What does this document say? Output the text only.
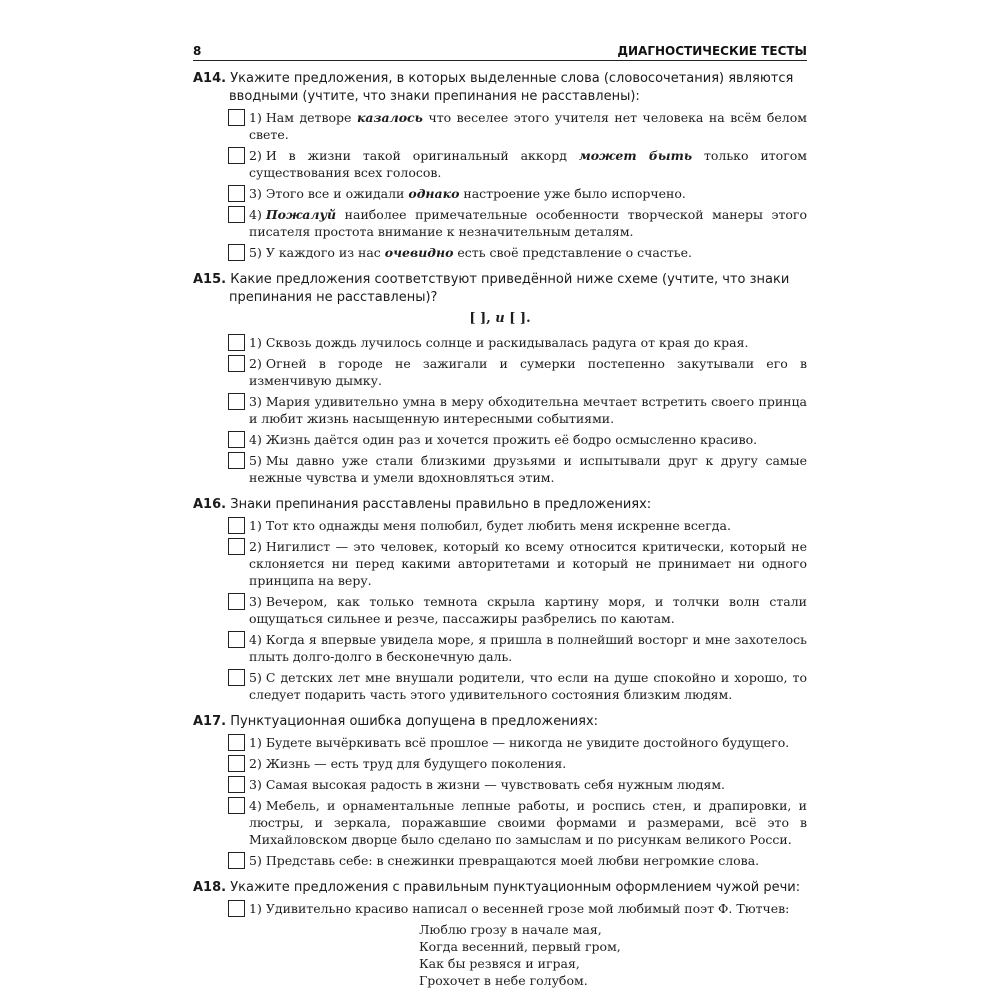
8	ДИАГНОСТИЧЕСКИЕ ТЕСТЫ
А14. Укажите предложения, в которых выделенные слова (словосочетания) являются вводными (учтите, что знаки препинания не расставлены):
1) Нам детворе казалось что веселее этого учителя нет человека на всём белом свете.
2) И в жизни такой оригинальный аккорд может быть только итогом существования всех голосов.
3) Этого все и ожидали однако настроение уже было испорчено.
4) Пожалуй наиболее примечательные особенности творческой манеры этого писателя простота внимание к незначительным деталям.
5) У каждого из нас очевидно есть своё представление о счастье.
А15. Какие предложения соответствуют приведённой ниже схеме (учтите, что знаки препинания не расставлены)?
[ ], и [ ].
1) Сквозь дождь лучилось солнце и раскидывалась радуга от края до края.
2) Огней в городе не зажигали и сумерки постепенно закутывали его в изменчивую дымку.
3) Мария удивительно умна в меру обходительна мечтает встретить своего принца и любит жизнь насыщенную интересными событиями.
4) Жизнь даётся один раз и хочется прожить её бодро осмысленно красиво.
5) Мы давно уже стали близкими друзьями и испытывали друг к другу самые нежные чувства и умели вдохновляться этим.
А16. Знаки препинания расставлены правильно в предложениях:
1) Тот кто однажды меня полюбил, будет любить меня искренне всегда.
2) Нигилист — это человек, который ко всему относится критически, который не склоняется ни перед какими авторитетами и который не принимает ни одного принципа на веру.
3) Вечером, как только темнота скрыла картину моря, и толчки волн стали ощущаться сильнее и резче, пассажиры разбрелись по каютам.
4) Когда я впервые увидела море, я пришла в полнейший восторг и мне захотелось плыть долго-долго в бесконечную даль.
5) С детских лет мне внушали родители, что если на душе спокойно и хорошо, то следует подарить часть этого удивительного состояния близким людям.
А17. Пунктуационная ошибка допущена в предложениях:
1) Будете вычёркивать всё прошлое — никогда не увидите достойного будущего.
2) Жизнь — есть труд для будущего поколения.
3) Самая высокая радость в жизни — чувствовать себя нужным людям.
4) Мебель, и орнаментальные лепные работы, и роспись стен, и драпировки, и люстры, и зеркала, поражавшие своими формами и размерами, всё это в Михайловском дворце было сделано по замыслам и по рисункам великого Росси.
5) Представь себе: в снежинки превращаются моей любви негромкие слова.
А18. Укажите предложения с правильным пунктуационным оформлением чужой речи:
1) Удивительно красиво написал о весенней грозе мой любимый поэт Ф. Тютчев:
Люблю грозу в начале мая,
Когда весенний, первый гром,
Как бы резвяся и играя,
Грохочет в небе голубом.
